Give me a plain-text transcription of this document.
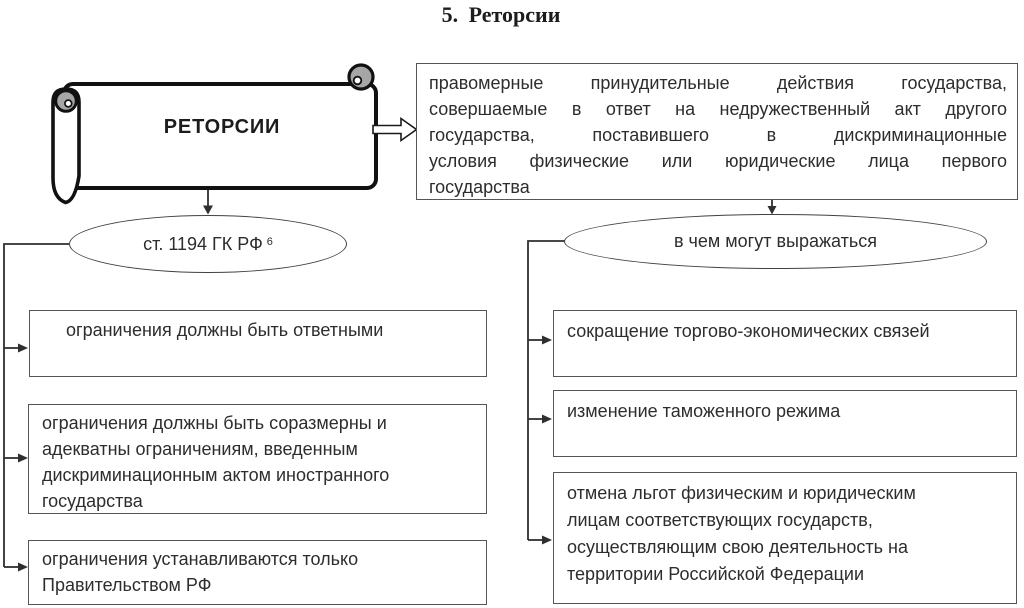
5. Реторсии
РЕТОРСИИ
правомерные принудительные действия государства,
совершаемые в ответ на недружественный акт другого
государства, поставившего в дискриминационные
условия физические или юридические лица первого
государства
ст. 1194 ГК РФ $^6$	в чем могут выражаться
ограничения должны быть ответными
ограничения должны быть соразмерны и
адекватны ограничениям, введенным
дискриминационным актом иностранного
государства
ограничения устанавливаются только
Правительством РФ
сокращение торгово-экономических связей
изменение таможенного режима
отмена льгот физическим и юридическим
лицам соответствующих государств,
осуществляющим свою деятельность на
территории Российской Федерации
